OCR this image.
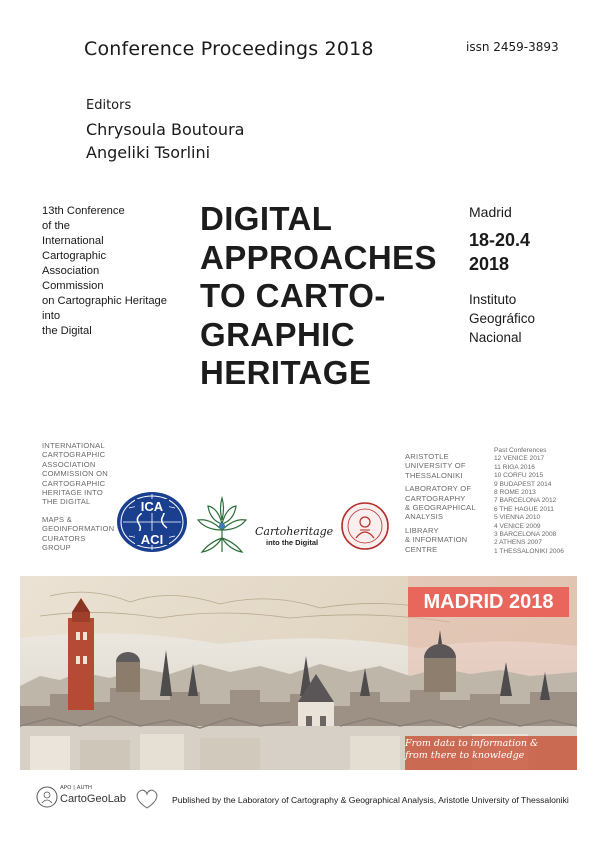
Conference Proceedings 2018	issn 2459-3893
Editors
Chrysoula Boutoura
Angeliki Tsorlini
13th Conference
of the
International
Cartographic
Association
Commission
on Cartographic Heritage
into
the Digital
DIGITAL
APPROACHES
TO CARTO-
GRAPHIC
HERITAGE
Madrid
18-20.4
2018
Instituto
Geográfico
Nacional
INTERNATIONAL
CARTOGRAPHIC
ASSOCIATION
COMMISSION ON
CARTOGRAPHIC
HERITAGE INTO
THE DIGITAL
MAPS &
GEOINFORMATION
CURATORS
GROUP
ICA
ACI
Cartoheritage
into the Digital
ARISTOTLE
UNIVERSITY OF
THESSALONIKI
LABORATORY OF
CARTOGRAPHY
& GEOGRAPHICAL
ANALYSIS
LIBRARY
& INFORMATION
CENTRE
Past Conferences
12 VENICE 2017
11 RIGA 2016
10 CORFU 2015
9 BUDAPEST 2014
8 ROME 2013
7 BARCELONA 2012
6 THE HAGUE 2011
5 VIENNA 2010
4 VENICE 2009
3 BARCELONA 2008
2 ATHENS 2007
1 THESSALONIKI 2006
MADRID 2018
From data to information &
from there to knowledge
APO | AUTH
CartoGeoLab	Published by the Laboratory of Cartography & Geographical Analysis, Aristotle University of Thessaloniki
